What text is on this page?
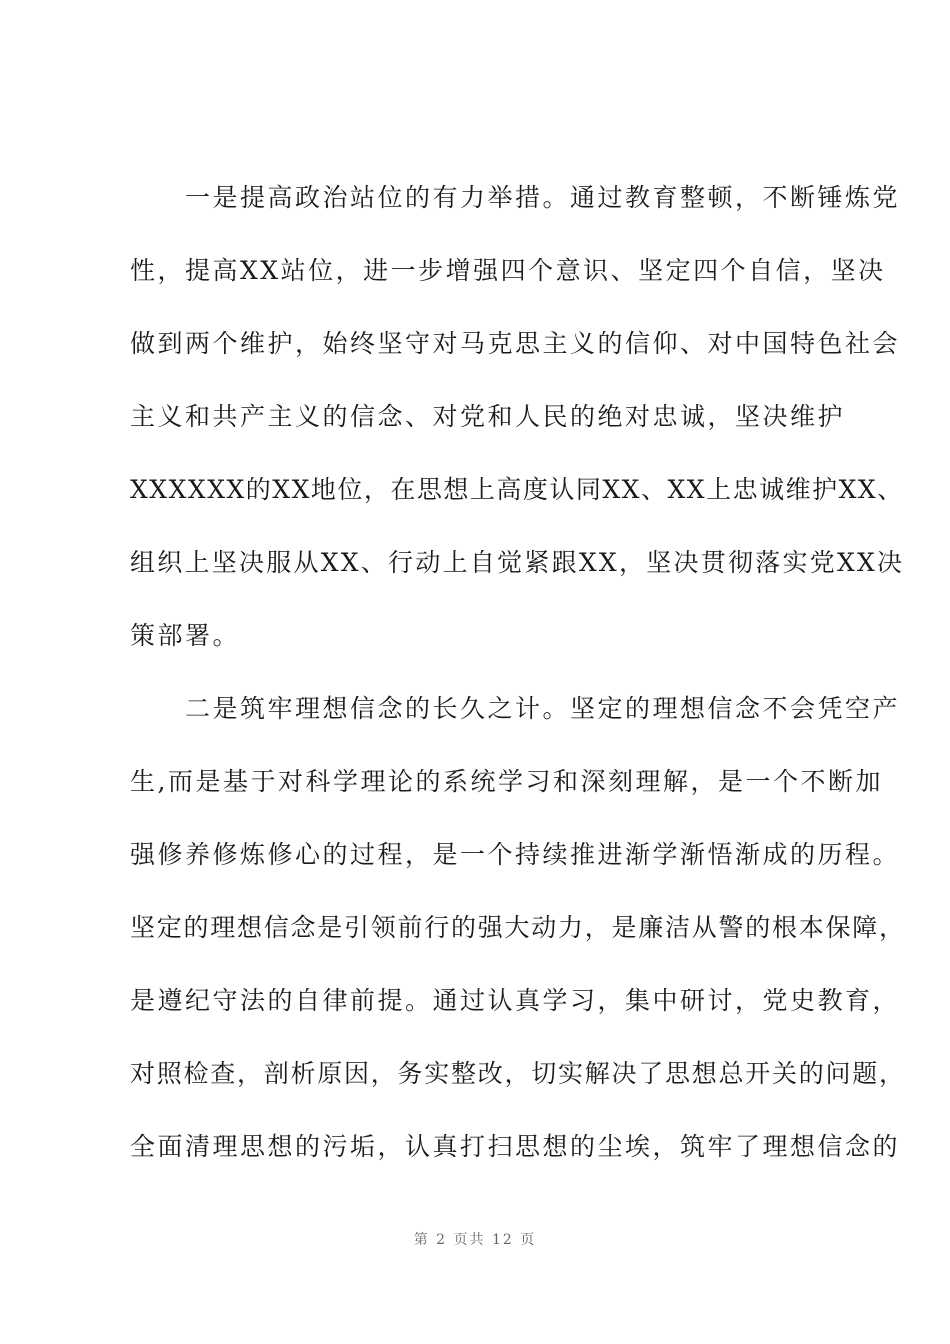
　　一是提高政治站位的有力举措。通过教育整顿，不断锤炼党
性，提高XX站位，进一步增强四个意识、坚定四个自信，坚决
做到两个维护，始终坚守对马克思主义的信仰、对中国特色社会
主义和共产主义的信念、对党和人民的绝对忠诚，坚决维护
XXXXXX的XX地位，在思想上高度认同XX、XX上忠诚维护XX、
组织上坚决服从XX、行动上自觉紧跟XX，坚决贯彻落实党XX决
策部署。
　　二是筑牢理想信念的长久之计。坚定的理想信念不会凭空产
生,而是基于对科学理论的系统学习和深刻理解，是一个不断加
强修养修炼修心的过程，是一个持续推进渐学渐悟渐成的历程。
坚定的理想信念是引领前行的强大动力，是廉洁从警的根本保障，
是遵纪守法的自律前提。通过认真学习，集中研讨，党史教育，
对照检查，剖析原因，务实整改，切实解决了思想总开关的问题，
全面清理思想的污垢，认真打扫思想的尘埃，筑牢了理想信念的
第 2 页共 12 页
